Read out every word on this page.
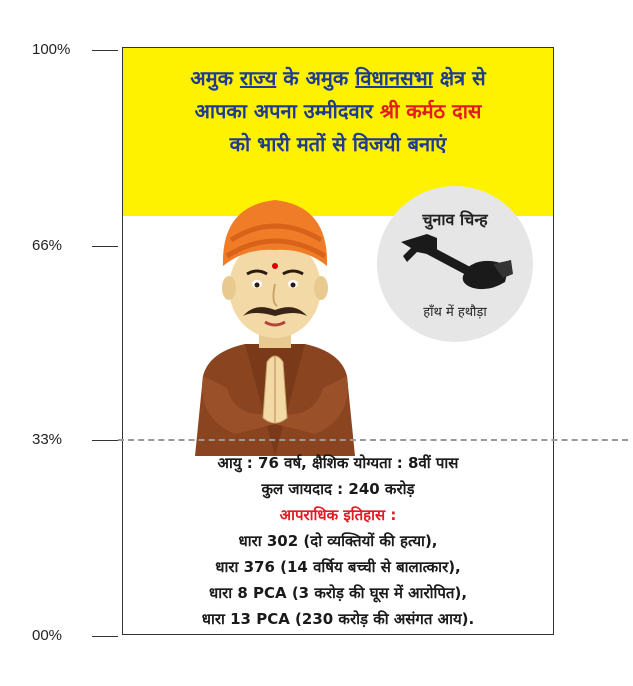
100%
66%
33%
00%
अमुक राज्य के अमुक विधानसभा क्षेत्र से
आपका अपना उम्मीदवार श्री कर्मठ दास
को भारी मतों से विजयी बनाएं
चुनाव चिन्ह
हाँथ में हथौड़ा
आयु : 76 वर्ष, क्षैशिक योग्यता : 8वीं पास
कुल जायदाद : 240 करोड़
आपराधिक इतिहास :
धारा 302 (दो व्यक्तियों की हत्या),
धारा 376 (14 वर्षिय बच्ची से बालात्कार),
धारा 8 PCA (3 करोड़ की घूस में आरोपित),
धारा 13 PCA (230 करोड़ की असंगत आय).
